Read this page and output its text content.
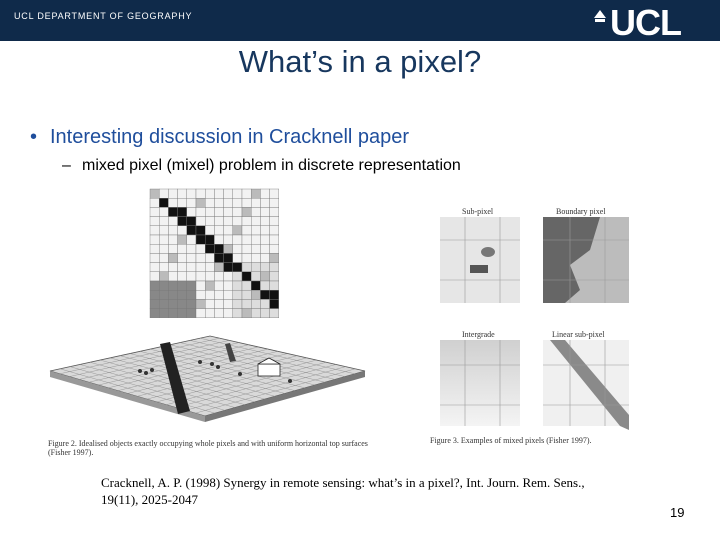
UCL DEPARTMENT OF GEOGRAPHY	UCL
What’s in a pixel?
• Interesting discussion in Cracknell paper
– mixed pixel (mixel) problem in discrete representation
Figure 2. Idealised objects exactly occupying whole pixels and with uniform horizontal top surfaces (Fisher 1997).
Sub-pixel	Boundary pixel
Intergrade	Linear sub-pixel
Figure 3. Examples of mixed pixels (Fisher 1997).
Cracknell, A. P. (1998) Synergy in remote sensing: what’s in a pixel?, Int. Journ. Rem. Sens., 19(11), 2025-2047
19
